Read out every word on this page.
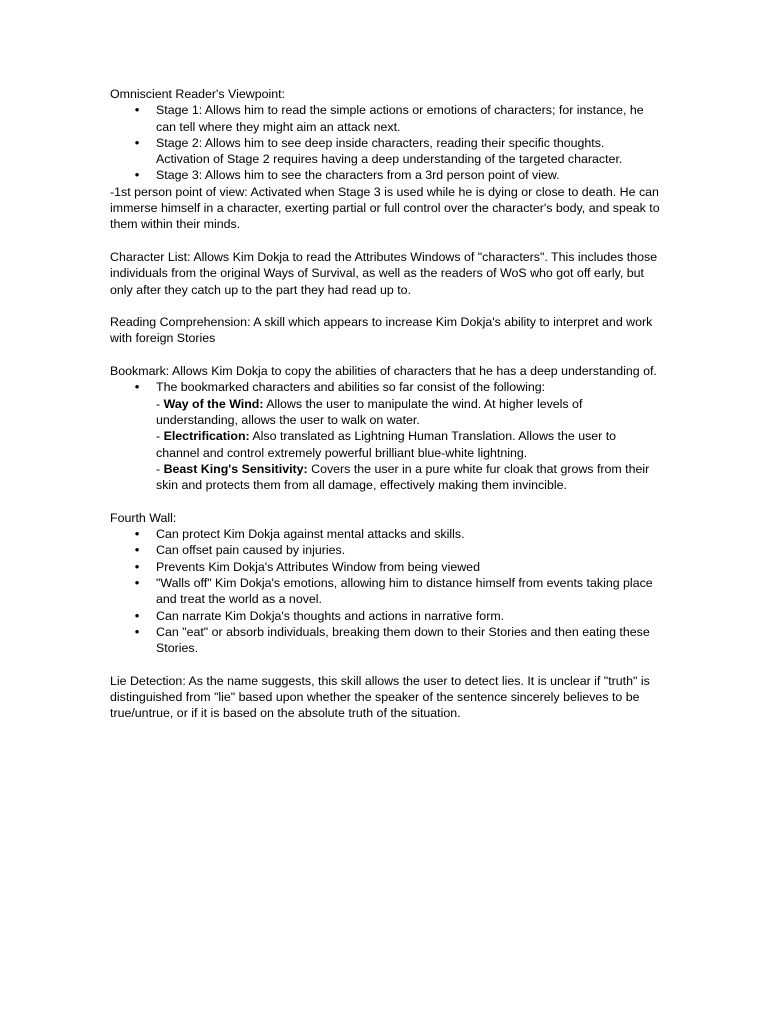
Omniscient Reader's Viewpoint:

• Stage 1: Allows him to read the simple actions or emotions of characters; for instance, he can tell where they might aim an attack next.
• Stage 2: Allows him to see deep inside characters, reading their specific thoughts. Activation of Stage 2 requires having a deep understanding of the targeted character.
• Stage 3: Allows him to see the characters from a 3rd person point of view.

-1st person point of view: Activated when Stage 3 is used while he is dying or close to death. He can immerse himself in a character, exerting partial or full control over the character's body, and speak to them within their minds.

Character List: Allows Kim Dokja to read the Attributes Windows of "characters". This includes those individuals from the original Ways of Survival, as well as the readers of WoS who got off early, but only after they catch up to the part they had read up to.

Reading Comprehension: A skill which appears to increase Kim Dokja's ability to interpret and work with foreign Stories

Bookmark: Allows Kim Dokja to copy the abilities of characters that he has a deep understanding of.

• The bookmarked characters and abilities so far consist of the following:
- Way of the Wind: Allows the user to manipulate the wind. At higher levels of understanding, allows the user to walk on water.
- Electrification: Also translated as Lightning Human Translation. Allows the user to channel and control extremely powerful brilliant blue-white lightning.
- Beast King's Sensitivity: Covers the user in a pure white fur cloak that grows from their skin and protects them from all damage, effectively making them invincible.

Fourth Wall:

• Can protect Kim Dokja against mental attacks and skills.
• Can offset pain caused by injuries.
• Prevents Kim Dokja's Attributes Window from being viewed
• "Walls off" Kim Dokja's emotions, allowing him to distance himself from events taking place and treat the world as a novel.
• Can narrate Kim Dokja's thoughts and actions in narrative form.
• Can "eat" or absorb individuals, breaking them down to their Stories and then eating these Stories.

Lie Detection: As the name suggests, this skill allows the user to detect lies. It is unclear if "truth" is distinguished from "lie" based upon whether the speaker of the sentence sincerely believes to be true/untrue, or if it is based on the absolute truth of the situation.
